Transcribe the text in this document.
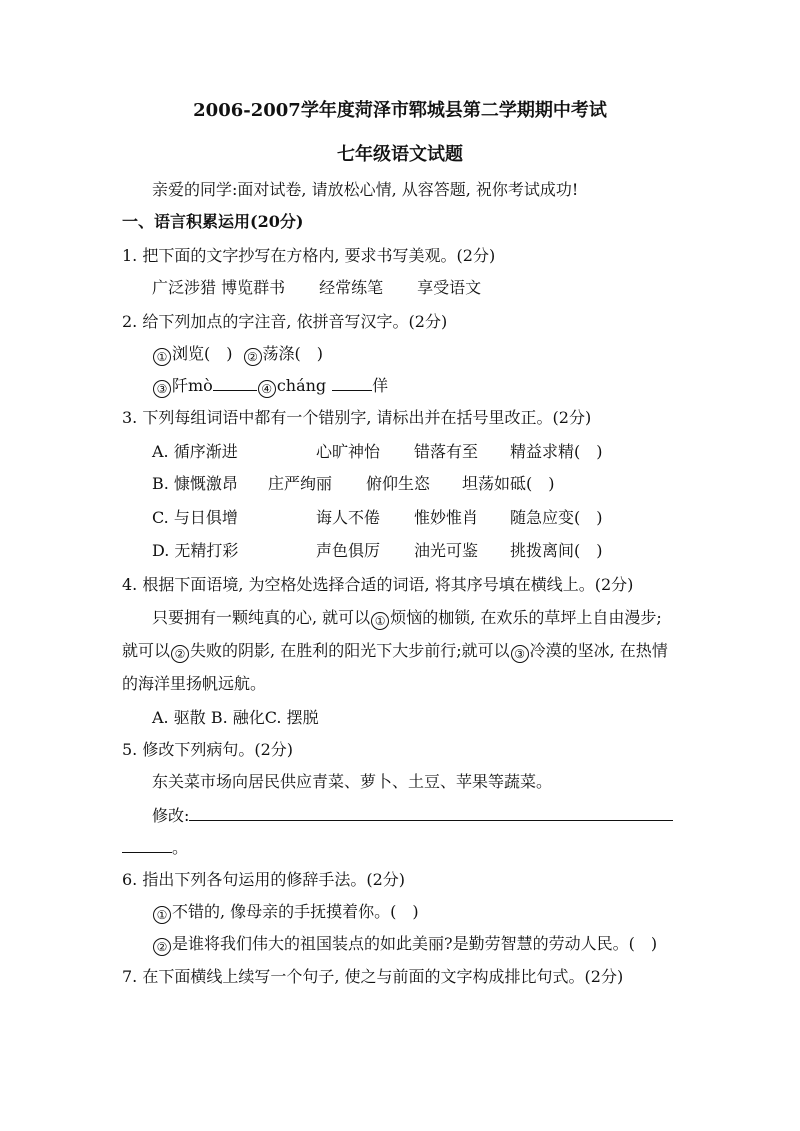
2006-2007学年度菏泽市郓城县第二学期期中考试
七年级语文试题
亲爱的同学:面对试卷, 请放松心情, 从容答题, 祝你考试成功!
一、语言积累运用(20分)
1. 把下面的文字抄写在方格内, 要求书写美观。(2分)
广泛涉猎 博览群书 经常练笔 享受语文
2. 给下列加点的字注音, 依拼音写汉字。(2分)
① 浏览(　) ② 荡涤(　)
③ 阡mò	④ cháng	佯
3. 下列每组词语中都有一个错别字, 请标出并在括号里改正。(2分)
A. 循序渐进	心旷神怡 错落有至 精益求精(　)
B. 慷慨激昂 庄严绚丽 俯仰生恣 坦荡如砥(　)
C. 与日俱增	诲人不倦 惟妙惟肖 随急应变(　)
D. 无精打彩	声色俱厉 油光可鉴 挑拨离间(　)
4. 根据下面语境, 为空格处选择合适的词语, 将其序号填在横线上。(2分)
只要拥有一颗纯真的心, 就可以 ① 烦恼的枷锁, 在欢乐的草坪上自由漫步;
就可以 ② 失败的阴影, 在胜利的阳光下大步前行;就可以 ③ 冷漠的坚冰, 在热情
的海洋里扬帆远航。
A. 驱散 B. 融化C. 摆脱
5. 修改下列病句。(2分)
东关菜市场向居民供应青菜、萝卜、土豆、苹果等蔬菜。
修改:
。
6. 指出下列各句运用的修辞手法。(2分)
① 不错的, 像母亲的手抚摸着你。(　)
② 是谁将我们伟大的祖国装点的如此美丽?是勤劳智慧的劳动人民。(　)
7. 在下面横线上续写一个句子, 使之与前面的文字构成排比句式。(2分)
